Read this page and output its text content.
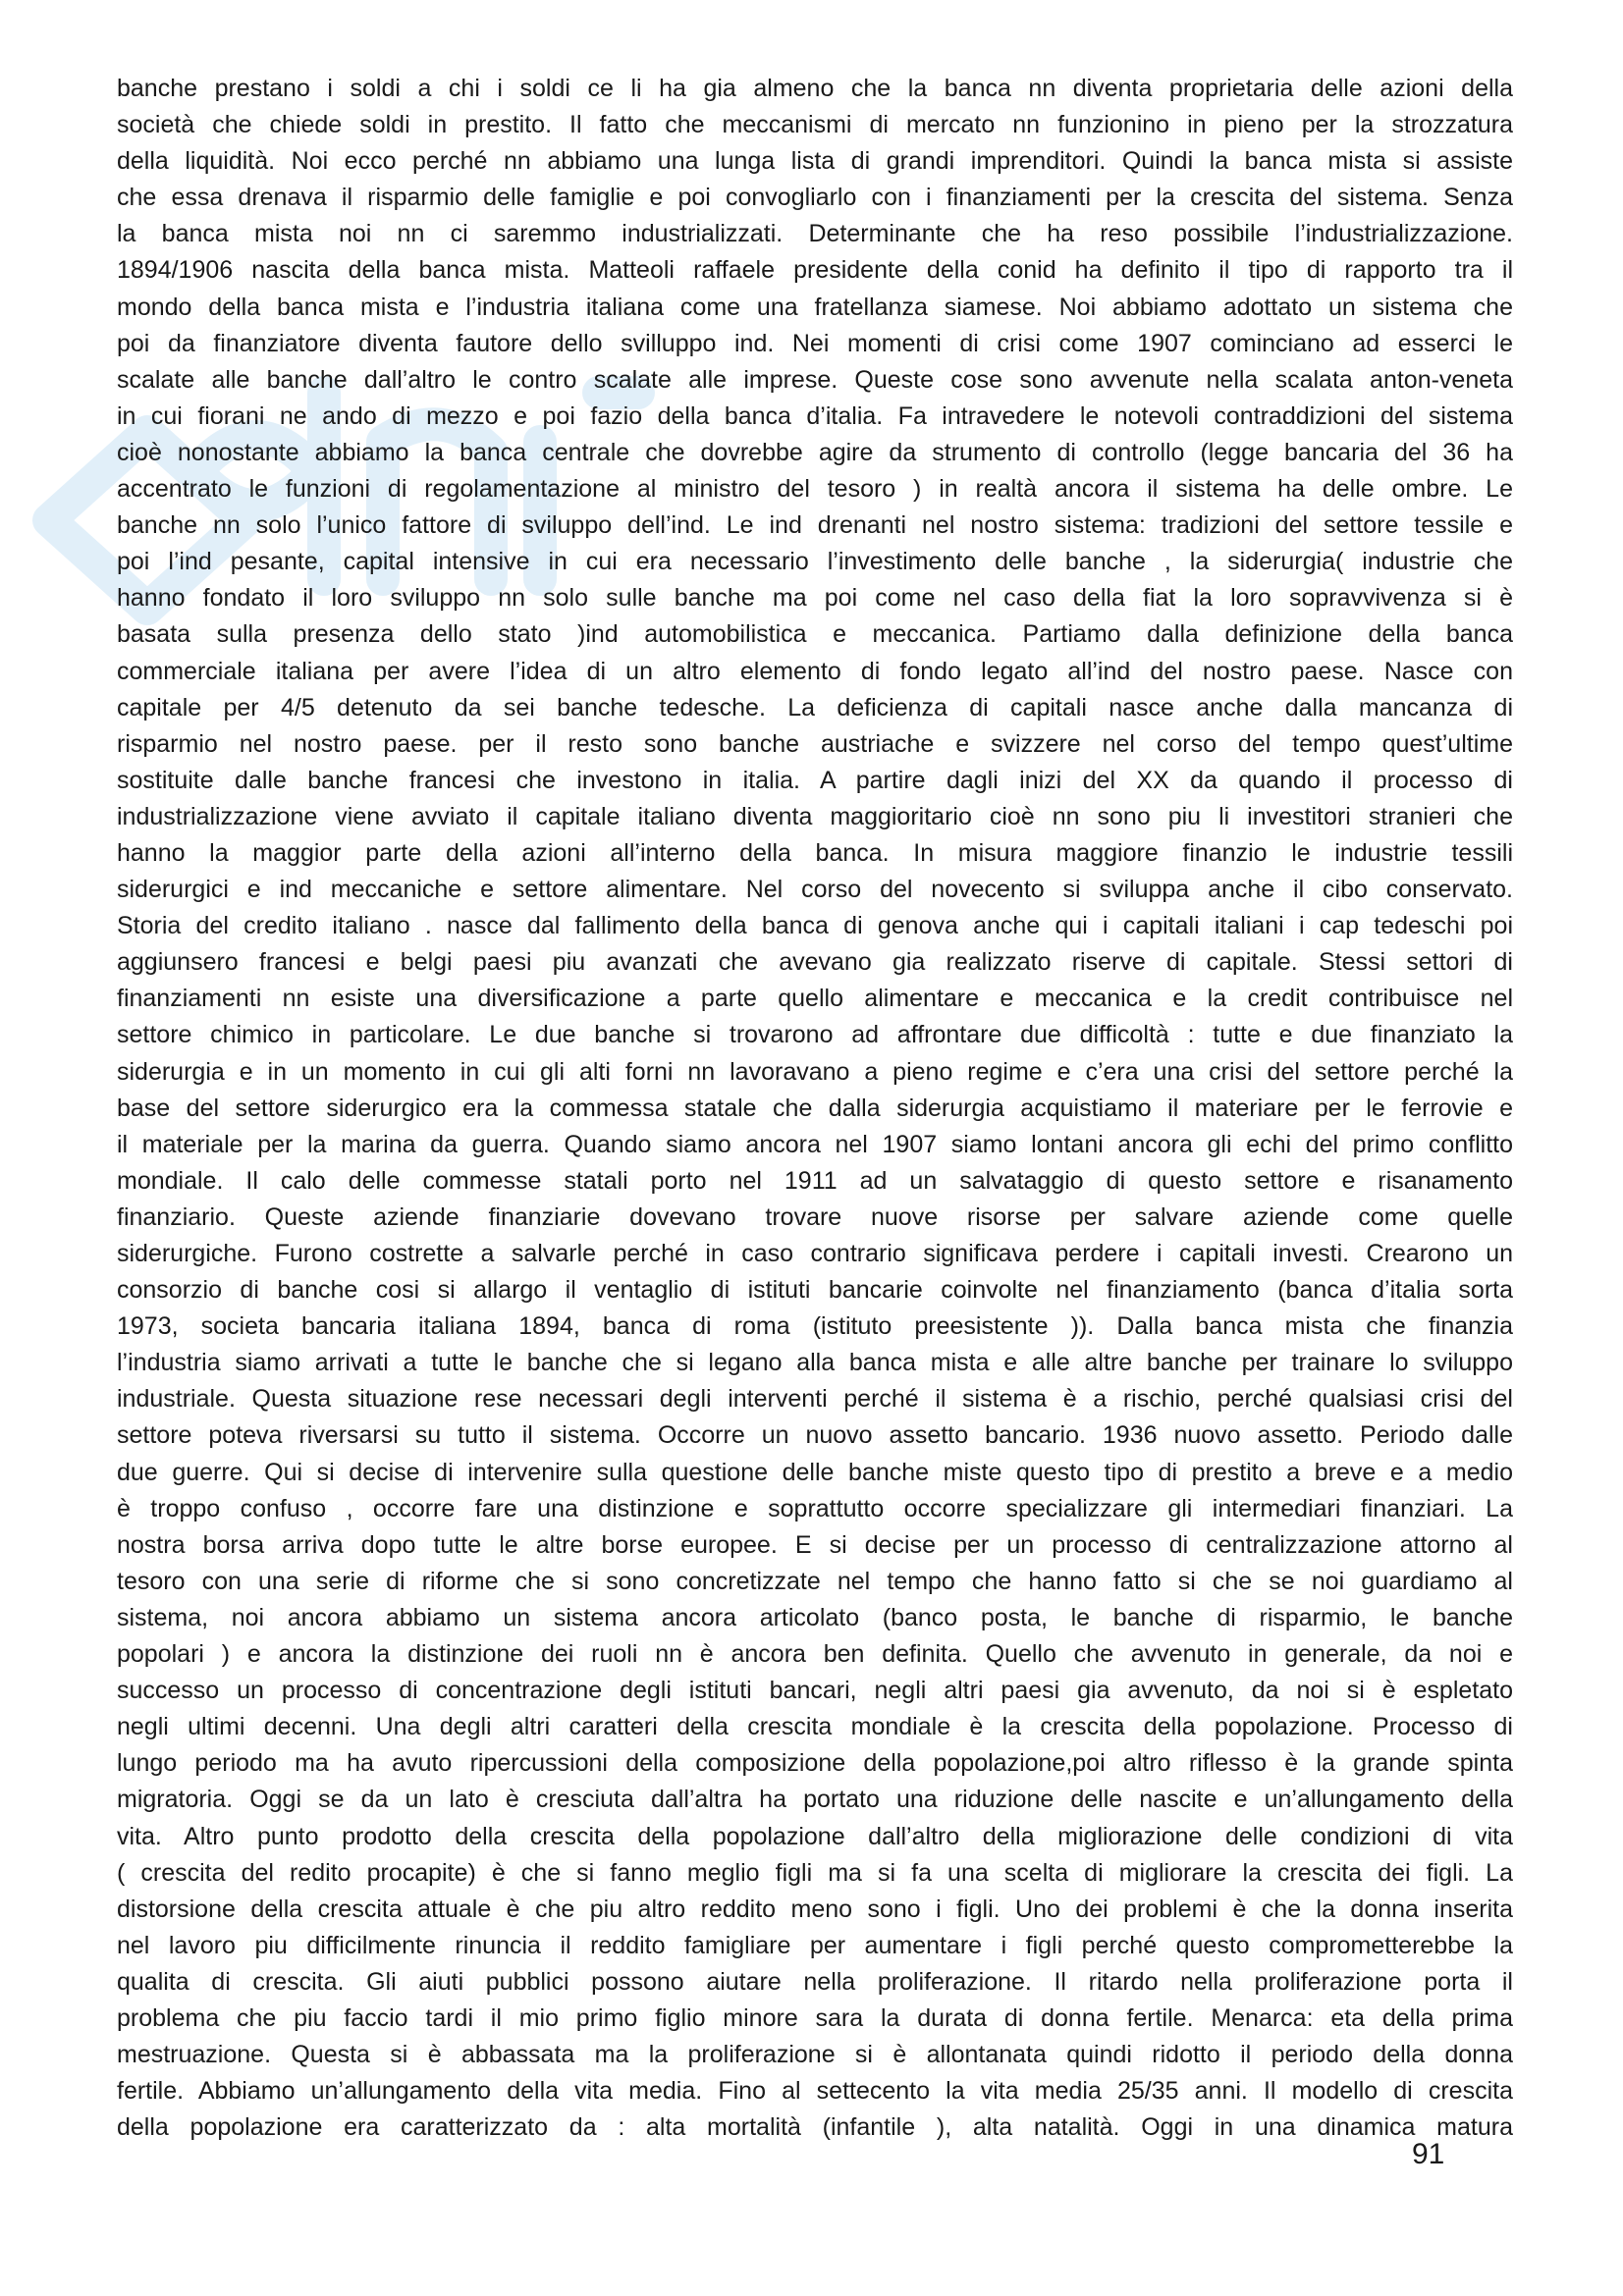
banche prestano i soldi a chi i soldi ce li ha gia almeno che la banca nn diventa proprietaria delle azioni della
società che chiede soldi in prestito. Il fatto che meccanismi di mercato nn funzionino in pieno per la strozzatura
della liquidità. Noi ecco perché nn abbiamo una lunga lista di grandi imprenditori. Quindi la banca mista si assiste
che essa drenava il risparmio delle famiglie e poi convogliarlo con i finanziamenti per la crescita del sistema. Senza
la banca mista noi nn ci saremmo industrializzati. Determinante che ha reso possibile l’industrializzazione.
1894/1906 nascita della banca mista. Matteoli raffaele presidente della conid ha definito il tipo di rapporto tra il
mondo della banca mista e l’industria italiana come una fratellanza siamese. Noi abbiamo adottato un sistema che
poi da finanziatore diventa fautore dello svilluppo ind. Nei momenti di crisi come 1907 cominciano ad esserci le
scalate alle banche dall’altro le contro scalate alle imprese. Queste cose sono avvenute nella scalata anton-veneta
in cui fiorani ne ando di mezzo e poi fazio della banca d’italia. Fa intravedere le notevoli contraddizioni del sistema
cioè nonostante abbiamo la banca centrale che dovrebbe agire da strumento di controllo (legge bancaria del 36 ha
accentrato le funzioni di regolamentazione al ministro del tesoro ) in realtà ancora il sistema ha delle ombre. Le
banche nn solo l’unico fattore di sviluppo dell’ind. Le ind drenanti nel nostro sistema: tradizioni del settore tessile e
poi l’ind pesante, capital intensive in cui era necessario l’investimento delle banche , la siderurgia( industrie che
hanno fondato il loro sviluppo nn solo sulle banche ma poi come nel caso della fiat la loro sopravvivenza si è
basata sulla presenza dello stato )ind automobilistica e meccanica. Partiamo dalla definizione della banca
commerciale italiana per avere l’idea di un altro elemento di fondo legato all’ind del nostro paese. Nasce con
capitale per 4/5 detenuto da sei banche tedesche. La deficienza di capitali nasce anche dalla mancanza di
risparmio nel nostro paese. per il resto sono banche austriache e svizzere nel corso del tempo quest’ultime
sostituite dalle banche francesi che investono in italia. A partire dagli inizi del XX da quando il processo di
industrializzazione viene avviato il capitale italiano diventa maggioritario cioè nn sono piu li investitori stranieri che
hanno la maggior parte della azioni all’interno della banca. In misura maggiore finanzio le industrie tessili
siderurgici e ind meccaniche e settore alimentare. Nel corso del novecento si sviluppa anche il cibo conservato.
Storia del credito italiano . nasce dal fallimento della banca di genova anche qui i capitali italiani i cap tedeschi poi
aggiunsero francesi e belgi paesi piu avanzati che avevano gia realizzato riserve di capitale. Stessi settori di
finanziamenti nn esiste una diversificazione a parte quello alimentare e meccanica e la credit contribuisce nel
settore chimico in particolare. Le due banche si trovarono ad affrontare due difficoltà : tutte e due finanziato la
siderurgia e in un momento in cui gli alti forni nn lavoravano a pieno regime e c’era una crisi del settore perché la
base del settore siderurgico era la commessa statale che dalla siderurgia acquistiamo il materiare per le ferrovie e
il materiale per la marina da guerra. Quando siamo ancora nel 1907 siamo lontani ancora gli echi del primo conflitto
mondiale. Il calo delle commesse statali porto nel 1911 ad un salvataggio di questo settore e risanamento
finanziario. Queste aziende finanziarie dovevano trovare nuove risorse per salvare aziende come quelle
siderurgiche. Furono costrette a salvarle perché in caso contrario significava perdere i capitali investi. Crearono un
consorzio di banche cosi si allargo il ventaglio di istituti bancarie coinvolte nel finanziamento (banca d’italia sorta
1973, societa bancaria italiana 1894, banca di roma (istituto preesistente )). Dalla banca mista che finanzia
l’industria siamo arrivati a tutte le banche che si legano alla banca mista e alle altre banche per trainare lo sviluppo
industriale. Questa situazione rese necessari degli interventi perché il sistema è a rischio, perché qualsiasi crisi del
settore poteva riversarsi su tutto il sistema. Occorre un nuovo assetto bancario. 1936 nuovo assetto. Periodo dalle
due guerre. Qui si decise di intervenire sulla questione delle banche miste questo tipo di prestito a breve e a medio
è troppo confuso , occorre fare una distinzione e soprattutto occorre specializzare gli intermediari finanziari. La
nostra borsa arriva dopo tutte le altre borse europee. E si decise per un processo di centralizzazione attorno al
tesoro con una serie di riforme che si sono concretizzate nel tempo che hanno fatto si che se noi guardiamo al
sistema, noi ancora abbiamo un sistema ancora articolato (banco posta, le banche di risparmio, le banche
popolari ) e ancora la distinzione dei ruoli nn è ancora ben definita. Quello che avvenuto in generale, da noi e
successo un processo di concentrazione degli istituti bancari, negli altri paesi gia avvenuto, da noi si è espletato
negli ultimi decenni. Una degli altri caratteri della crescita mondiale è la crescita della popolazione. Processo di
lungo periodo ma ha avuto ripercussioni della composizione della popolazione,poi altro riflesso è la grande spinta
migratoria. Oggi se da un lato è cresciuta dall’altra ha portato una riduzione delle nascite e un’allungamento della
vita. Altro punto prodotto della crescita della popolazione dall’altro della migliorazione delle condizioni di vita
( crescita del redito procapite) è che si fanno meglio figli ma si fa una scelta di migliorare la crescita dei figli. La
distorsione della crescita attuale è che piu altro reddito meno sono i figli. Uno dei problemi è che la donna inserita
nel lavoro piu difficilmente rinuncia il reddito famigliare per aumentare i figli perché questo comprometterebbe la
qualita di crescita. Gli aiuti pubblici possono aiutare nella proliferazione. Il ritardo nella proliferazione porta il
problema che piu faccio tardi il mio primo figlio minore sara la durata di donna fertile. Menarca: eta della prima
mestruazione. Questa si è abbassata ma la proliferazione si è allontanata quindi ridotto il periodo della donna
fertile. Abbiamo un’allungamento della vita media. Fino al settecento la vita media 25/35 anni. Il modello di crescita
della popolazione era caratterizzato da : alta mortalità (infantile ), alta natalità. Oggi in una dinamica matura
91
